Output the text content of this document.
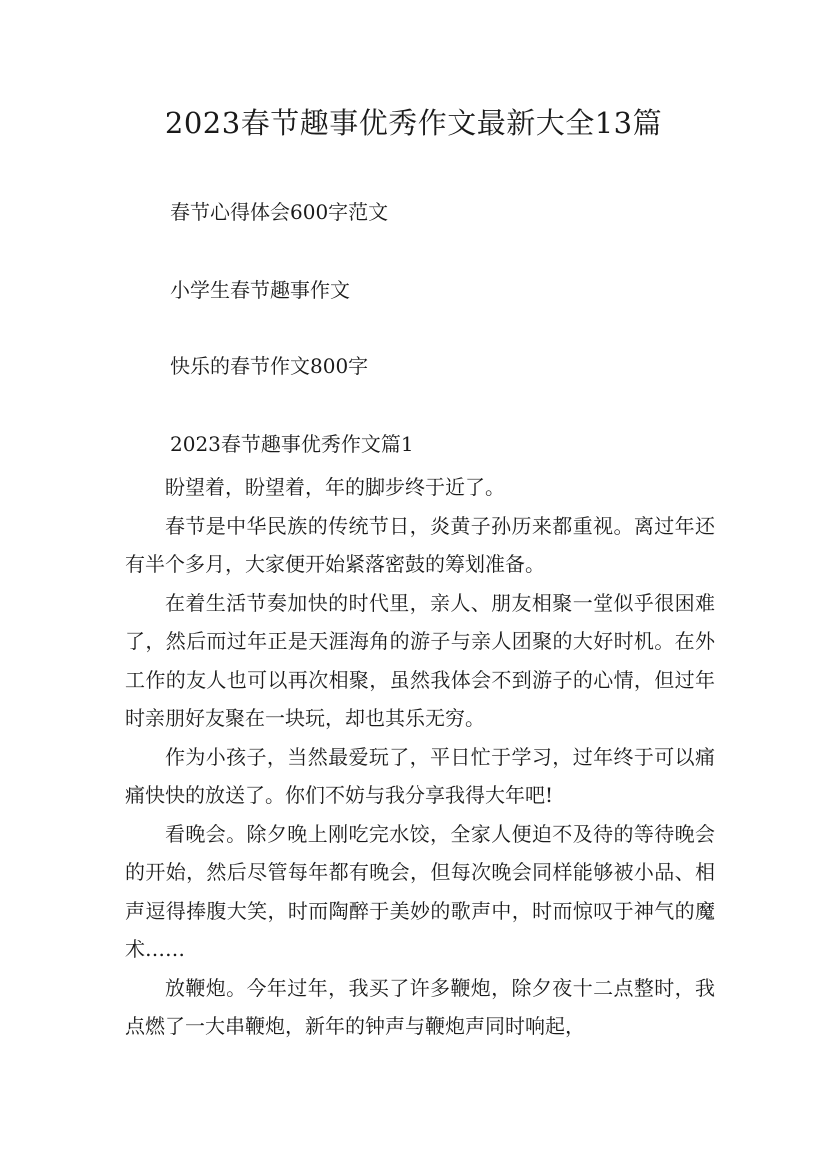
2023春节趣事优秀作文最新大全13篇
春节心得体会600字范文
小学生春节趣事作文
快乐的春节作文800字
2023春节趣事优秀作文篇1

盼望着，盼望着，年的脚步终于近了。

春节是中华民族的传统节日，炎黄子孙历来都重视。离过年还有半个多月，大家便开始紧落密鼓的筹划准备。

在着生活节奏加快的时代里，亲人、朋友相聚一堂似乎很困难了，然后而过年正是天涯海角的游子与亲人团聚的大好时机。在外工作的友人也可以再次相聚，虽然我体会不到游子的心情，但过年时亲朋好友聚在一块玩，却也其乐无穷。

作为小孩子，当然最爱玩了，平日忙于学习，过年终于可以痛痛快快的放送了。你们不妨与我分享我得大年吧!

看晚会。除夕晚上刚吃完水饺，全家人便迫不及待的等待晚会的开始，然后尽管每年都有晚会，但每次晚会同样能够被小品、相声逗得捧腹大笑，时而陶醉于美妙的歌声中，时而惊叹于神气的魔术……

放鞭炮。今年过年，我买了许多鞭炮，除夕夜十二点整时，我点燃了一大串鞭炮，新年的钟声与鞭炮声同时响起，
